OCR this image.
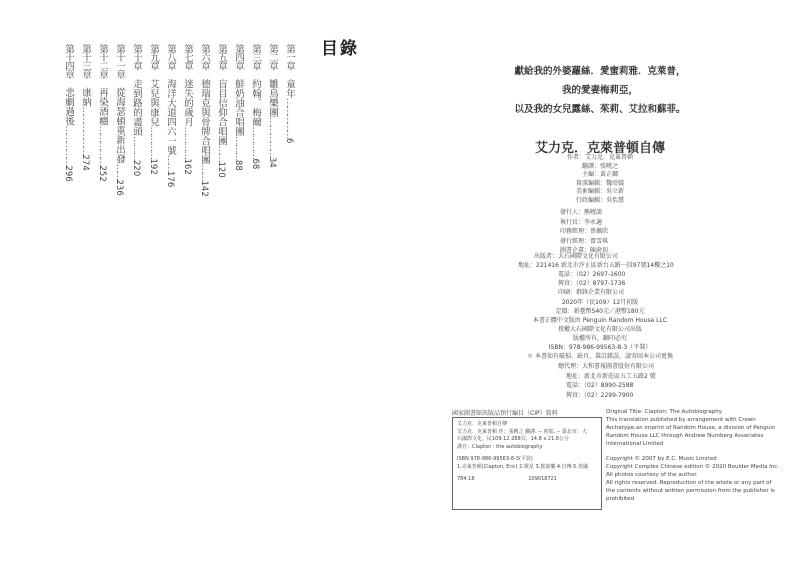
目錄
第一章　童年……………6
第二章　雛鳥樂團……………34
第三章　約翰．梅爾…………68
第四章　鮮奶油合唱團………88
第五章　盲目信仰合唱團……120
第六章　德瑞克與骨牌合唱團……142
第七章　迷失的歲月…………162
第八章　海洋大道四六一號……176
第九章　艾兒與康兒…………192
第十章　走到路的盡頭………220
第十一章　從海瑟頓重新出發……236
第十二章　再染酒癮……………252
第十三章　康納………………274
第十四章　悲劇過後……………296
獻給我的外婆蘿絲．愛蜜莉雅．克萊普，
我的愛妻梅莉亞，
以及我的女兒露絲、茱莉、艾拉和蘇菲。
艾力克．克萊普頓自傳
作者：艾力克．克萊普頓
翻譯：張曉之
主編：黃正綱
資深編輯：魏靖儀
美術編輯：吳立新
行政編輯：吳怡慧
發行人：熊曉鴿
執行長：李永適
印務經理：蔡佩欣
發行經理：曾雪琪
圖書企畫：陳俞初
出版者：大石國際文化有限公司
地址：221416 新北市汐止區新台五路一段97號14樓之10
電話：（02）2697-1600
傳真：（02）8797-1736
印刷：群鋒企業有限公司
2020年（民109）12月初版
定價：新臺幣540元／港幣180元
本書正體中文版由 Penguin Random House LLC
授權大石國際文化有限公司出版
版權所有，翻印必究
ISBN：978-986-99563-8-3（平裝）
＊ 本書如有破損、缺頁、裝訂錯誤，請寄回本公司更換
總代理：大和書報圖書股份有限公司
地址：新北市新莊區五工五路2 號
電話：（02）8990-2588
傳真：（02）2299-7900
國家圖書館出版品預行編目（CIP）資料
艾力克．克萊普頓自傳
艾力克．克萊普頓 作；張曉之 翻譯. -- 初版. -- 臺北市：大
石國際文化，民109.12 288頁；14.8 x 21.6公分
譯自：Clapton : the autobiography
ISBN 978-986-99563-8-3(平裝)
1.克萊普頓(Clapton, Eric) 2.歌星 3.搖滾樂 4.自傳 5.英國
784.18	109018721
Original Title: Clapton: The Autobiography
This translation published by arrangement with Crown
Archetype,an imprint of Random House, a division of Penguin
Random House LLC through Andrew Numberg Associates
International Limited
Copyright © 2007 by E.C. Music Limited
Copyright Complex Chinese edition © 2020 Boulder Media Inc.
All photos courtesy of the author.
All rights reserved. Reproduction of the whole or any part of
the contents without written permission from the publisher is
prohibited
